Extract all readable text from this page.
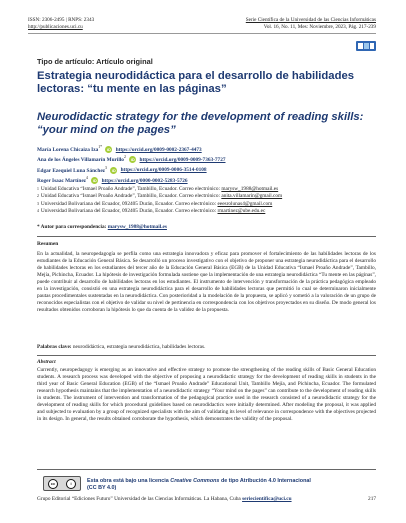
ISSN: 2306-2495 | RNPS: 2343
http://publicaciones.uci.cu
Serie Científica de la Universidad de las Ciencias Informáticas
Vol. 16, No. 11, Mes: Noviembre, 2023, Pág. 217-239
Tipo de artículo: Artículo original
Estrategia neurodidáctica para el desarrollo de habilidades lectoras: “tu mente en las páginas”
Neurodidactic strategy for the development of reading skills: “your mind on the pages”
María Lorena Chicaiza Iza$^{1*}$ iD https://orcid.org/0009-0002-2367-4473
Ana de los Ángeles Villamarín Murillo$^2$ iD https://orcid.org/0009-0009-7363-7727
Edgar Ezequiel Luna Sánchez$^3$ iD https://orcid.org/0009-0006-3514-0108
Roger Isaac Martínez$^4$ iD https://orcid.org/0000-0002-5283-5726
$^1$ Unidad Educativa “Ismael Proaño Andrade”, Tambillo, Ecuador. Correo electrónico: marysw_1988@hotmail.es
$^2$ Unidad Educativa “Ismael Proaño Andrade”, Tambillo, Ecuador. Correo electrónico: anita.villamarin@gmail.com
$^3$ Universidad Bolivariana del Ecuador, 092405 Durán, Ecuador. Correo electrónico: eeesrolunas4@gmail.com
$^4$ Universidad Bolivariana del Ecuador, 092405 Durán, Ecuador. Correo electrónico: rmartinez@ube.edu.ec
* Autor para correspondencia: marysw_1988@hotmail.es
Resumen

En la actualidad, la neuropedagogía se perfila como una estrategia innovadora y eficaz para promover el fortalecimiento de las habilidades lectoras de los estudiantes de la Educación General Básica. Se desarrolló un proceso investigativo con el objetivo de proponer una estrategia neurodidáctica para el desarrollo de habilidades lectoras en los estudiantes del tercer año de la Educación General Básica (EGB) de la Unidad Educativa “Ismael Proaño Andrade”, Tambillo, Mejía, Pichincha, Ecuador. La hipótesis de investigación formulada sostiene que la implementación de una estrategia neurodidáctica “Tu mente en las páginas”, puede contribuir al desarrollo de habilidades lectoras en los estudiantes. El instrumento de intervención y transformación de la práctica pedagógica empleado en la investigación, consistió en una estrategia neurodidáctica para el desarrollo de habilidades lectoras que permitió lo cual se determinaron inicialmente pautas procedimentales sustentadas en la neurodidáctica. Con posterioridad a la modelación de la propuesta, se aplicó y sometió a la valoración de un grupo de reconocidos especialistas con el objetivo de validar su nivel de pertinencia en correspondencia con los objetivos proyectados en su diseño. De modo general los resultados obtenidos corroboran la hipótesis lo que da cuenta de la validez de la propuesta.

Palabras clave: neurodidáctica, estrategia neurodidáctica, habilidades lectoras.
Abstract

Currently, neuropedagogy is emerging as an innovative and effective strategy to promote the strengthening of the reading skills of Basic General Education students. A research process was developed with the objective of proposing a neurodidactic strategy for the development of reading skills in students in the third year of Basic General Education (EGB) of the “Ismael Proaño Andrade” Educational Unit, Tambillo Mejía, and Pichincha, Ecuador. The formulated research hypothesis maintains that the implementation of a neurodidactic strategy “Your mind on the pages” can contribute to the development of reading skills in students. The instrument of intervention and transformation of the pedagogical practice used in the research consisted of a neurodidactic strategy for the development of reading skills for which procedural guidelines based on neurodidactics were initially determined. After modeling the proposal, it was applied and subjected to evaluation by a group of recognized specialists with the aim of validating its level of relevance in correspondence with the objectives projected in its design. In general, the results obtained corroborate the hypothesis, which demonstrates the validity of the proposal.

cc	i	Esta obra está bajo una licencia Creative Commons de tipo Atribución 4.0 Internacional
(CC BY 4.0)
Grupo Editorial “Ediciones Futuro” Universidad de las Ciencias Informáticas. La Habana, Cuba seriecientifica@uci.cu	217
